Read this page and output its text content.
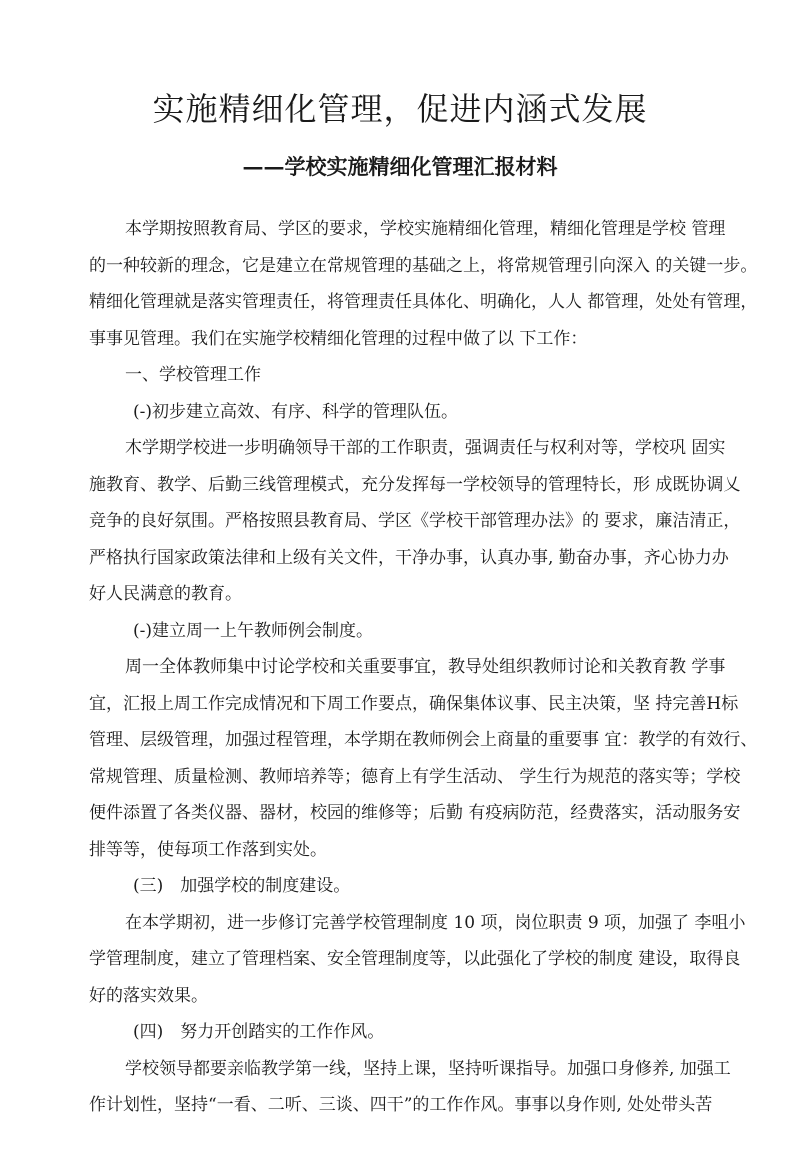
实施精细化管理，促进内涵式发展
——学校实施精细化管理汇报材料
本学期按照教育局、学区的要求，学校实施精细化管理，精细化管理是学校 管理
的一种较新的理念，它是建立在常规管理的基础之上，将常规管理引向深入 的关键一步。
精细化管理就是落实管理责任，将管理责任具体化、明确化，人人 都管理，处处有管理，
事事见管理。我们在实施学校精细化管理的过程中做了以 下工作：
一、学校管理工作
(-)初步建立高效、有序、科学的管理队伍。
木学期学校进一步明确领导干部的工作职责，强调责任与权利对等，学校巩 固实
施教育、教学、后勤三线管理模式，充分发挥每一学校领导的管理特长，形 成既协调乂
竞争的良好氛围。严格按照县教育局、学区《学校干部管理办法》的 要求，廉洁清正，
严格执行国家政策法律和上级有关文件，干净办事，认真办事, 勤奋办事，齐心协力办
好人民满意的教育。
(-)建立周一上午教师例会制度。
周一全体教师集中讨论学校和关重要事宜，教导处组织教师讨论和关教育教 学事
宜，汇报上周工作完成情况和下周工作要点，确保集体议事、民主决策，坚 持完善H标
管理、层级管理，加强过程管理，本学期在教师例会上商量的重要事 宜：教学的有效行、
常规管理、质量检测、教师培养等；德育上有学生活动、 学生行为规范的落实等；学校
便件添置了各类仪器、器材，校园的维修等；后勤 有疫病防范，经费落实，活动服务安
排等等，使每项工作落到实处。
(三)　加强学校的制度建设。
在本学期初，进一步修订完善学校管理制度 10 项，岗位职责 9 项，加强了 李咀小
学管理制度，建立了管理档案、安全管理制度等，以此强化了学校的制度 建设，取得良
好的落实效果。
(四)　努力开创踏实的工作作风。
学校领导都要亲临教学第一线，坚持上课，坚持听课指导。加强口身修养, 加强工
作计划性，坚持“一看、二听、三谈、四干”的工作作风。事事以身作则, 处处带头苦
